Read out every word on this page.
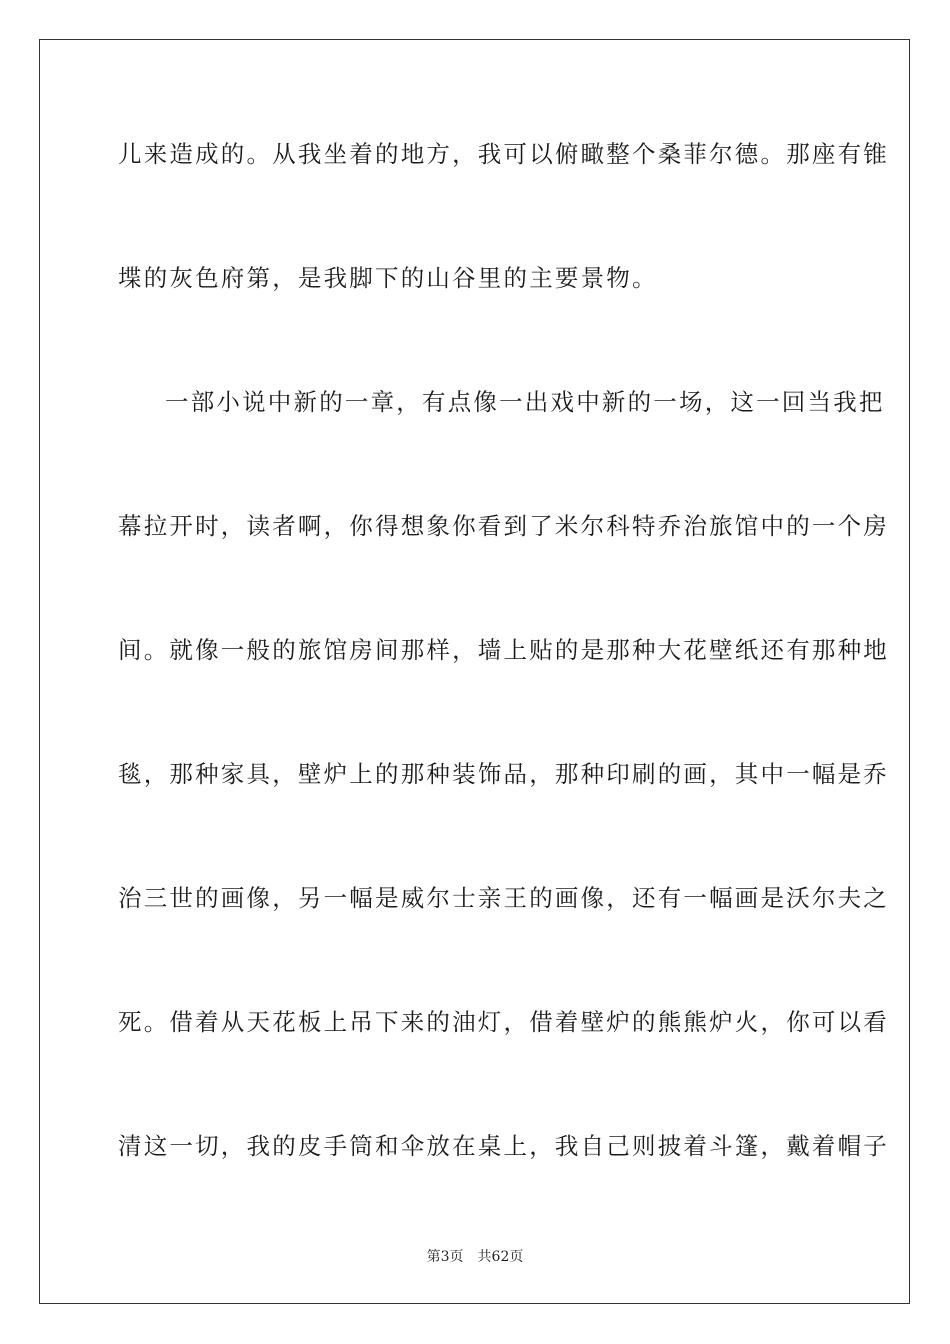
儿来造成的。从我坐着的地方，我可以俯瞰整个桑菲尔德。那座有锥
堞的灰色府第，是我脚下的山谷里的主要景物。
一部小说中新的一章，有点像一出戏中新的一场，这一回当我把
幕拉开时，读者啊，你得想象你看到了米尔科特乔治旅馆中的一个房
间。就像一般的旅馆房间那样，墙上贴的是那种大花壁纸还有那种地
毯，那种家具，壁炉上的那种装饰品，那种印刷的画，其中一幅是乔
治三世的画像，另一幅是威尔士亲王的画像，还有一幅画是沃尔夫之
死。借着从天花板上吊下来的油灯，借着壁炉的熊熊炉火，你可以看
清这一切，我的皮手筒和伞放在桌上，我自己则披着斗篷，戴着帽子
第3页 共62页
